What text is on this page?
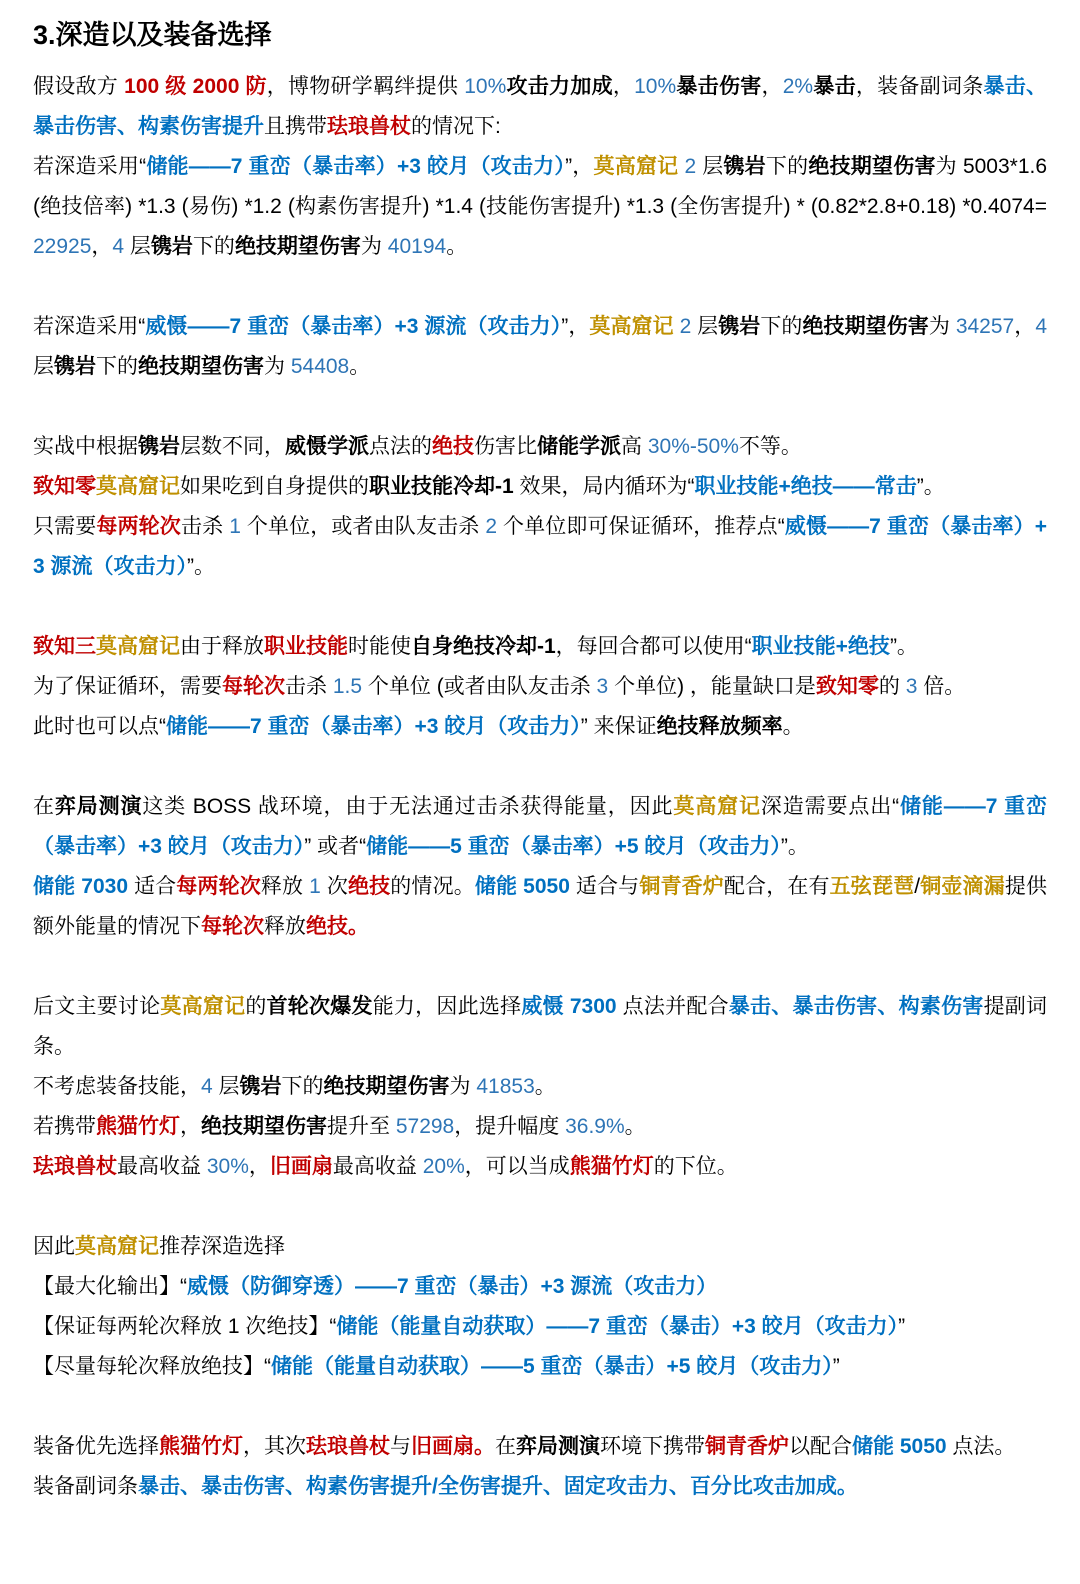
3.深造以及装备选择

假设敌方 100 级 2000 防，博物研学羁绊提供 10%攻击力加成，10%暴击伤害，2%暴击，装备副词条暴击、暴击伤害、构素伤害提升且携带珐琅兽杖的情况下:

若深造采用“储能——7 重峦（暴击率）+3 皎月（攻击力）”，莫高窟记 2 层镌岩下的绝技期望伤害为 5003*1.6 (绝技倍率) *1.3 (易伤) *1.2 (构素伤害提升) *1.4 (技能伤害提升) *1.3 (全伤害提升) * (0.82*2.8+0.18) *0.4074=22925，4 层镌岩下的绝技期望伤害为 40194。

若深造采用“威慑——7 重峦（暴击率）+3 源流（攻击力）”，莫高窟记 2 层镌岩下的绝技期望伤害为 34257，4 层镌岩下的绝技期望伤害为 54408。

实战中根据镌岩层数不同，威慑学派点法的绝技伤害比储能学派高 30%-50%不等。

致知零莫高窟记如果吃到自身提供的职业技能冷却-1 效果，局内循环为“职业技能+绝技——常击”。

只需要每两轮次击杀 1 个单位，或者由队友击杀 2 个单位即可保证循环，推荐点“威慑——7 重峦（暴击率）+3 源流（攻击力）”。

致知三莫高窟记由于释放职业技能时能使自身绝技冷却-1，每回合都可以使用“职业技能+绝技”。

为了保证循环，需要每轮次击杀 1.5 个单位 (或者由队友击杀 3 个单位) ，能量缺口是致知零的 3 倍。

此时也可以点“储能——7 重峦（暴击率）+3 皎月（攻击力）” 来保证绝技释放频率。

在弈局测演这类 BOSS 战环境，由于无法通过击杀获得能量，因此莫高窟记深造需要点出“储能——7 重峦（暴击率）+3 皎月（攻击力）” 或者“储能——5 重峦（暴击率）+5 皎月（攻击力）”。

储能 7030 适合每两轮次释放 1 次绝技的情况。储能 5050 适合与铜青香炉配合，在有五弦琵琶/铜壶滴漏提供额外能量的情况下每轮次释放绝技。

后文主要讨论莫高窟记的首轮次爆发能力，因此选择威慑 7300 点法并配合暴击、暴击伤害、构素伤害提副词条。

不考虑装备技能，4 层镌岩下的绝技期望伤害为 41853。

若携带熊猫竹灯，绝技期望伤害提升至 57298，提升幅度 36.9%。

珐琅兽杖最高收益 30%，旧画扇最高收益 20%，可以当成熊猫竹灯的下位。

因此莫高窟记推荐深造选择

【最大化输出】“威慑（防御穿透）——7 重峦（暴击）+3 源流（攻击力）

【保证每两轮次释放 1 次绝技】“储能（能量自动获取）——7 重峦（暴击）+3 皎月（攻击力）”

【尽量每轮次释放绝技】“储能（能量自动获取）——5 重峦（暴击）+5 皎月（攻击力）”

装备优先选择熊猫竹灯，其次珐琅兽杖与旧画扇。在弈局测演环境下携带铜青香炉以配合储能 5050 点法。

装备副词条暴击、暴击伤害、构素伤害提升/全伤害提升、固定攻击力、百分比攻击加成。
